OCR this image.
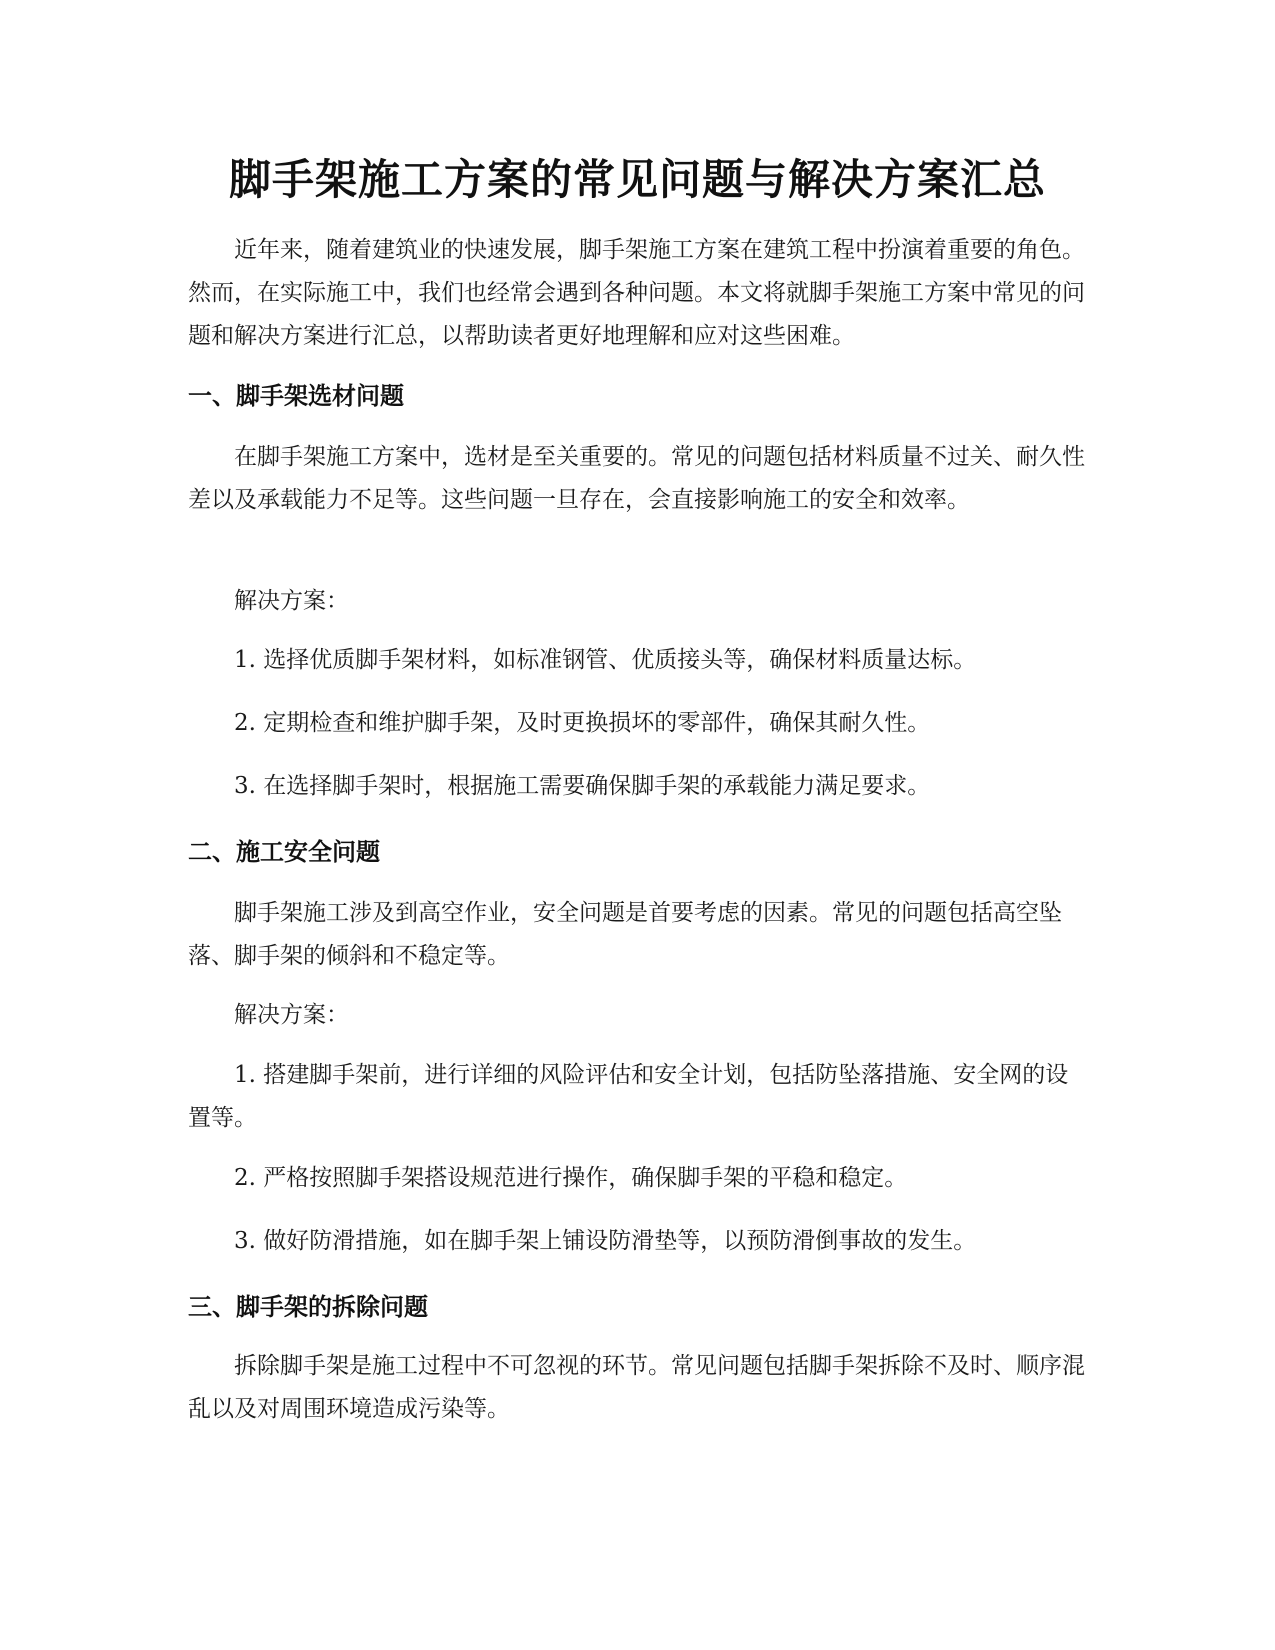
脚手架施工方案的常见问题与解决方案汇总
近年来，随着建筑业的快速发展，脚手架施工方案在建筑工程中扮演着重要的角色。然而，在实际施工中，我们也经常会遇到各种问题。本文将就脚手架施工方案中常见的问题和解决方案进行汇总，以帮助读者更好地理解和应对这些困难。
一、脚手架选材问题
在脚手架施工方案中，选材是至关重要的。常见的问题包括材料质量不过关、耐久性差以及承载能力不足等。这些问题一旦存在，会直接影响施工的安全和效率。
解决方案：
1. 选择优质脚手架材料，如标准钢管、优质接头等，确保材料质量达标。
2. 定期检查和维护脚手架，及时更换损坏的零部件，确保其耐久性。
3. 在选择脚手架时，根据施工需要确保脚手架的承载能力满足要求。
二、施工安全问题
脚手架施工涉及到高空作业，安全问题是首要考虑的因素。常见的问题包括高空坠落、脚手架的倾斜和不稳定等。
解决方案：
1. 搭建脚手架前，进行详细的风险评估和安全计划，包括防坠落措施、安全网的设置等。
2. 严格按照脚手架搭设规范进行操作，确保脚手架的平稳和稳定。
3. 做好防滑措施，如在脚手架上铺设防滑垫等，以预防滑倒事故的发生。
三、脚手架的拆除问题
拆除脚手架是施工过程中不可忽视的环节。常见问题包括脚手架拆除不及时、顺序混乱以及对周围环境造成污染等。
